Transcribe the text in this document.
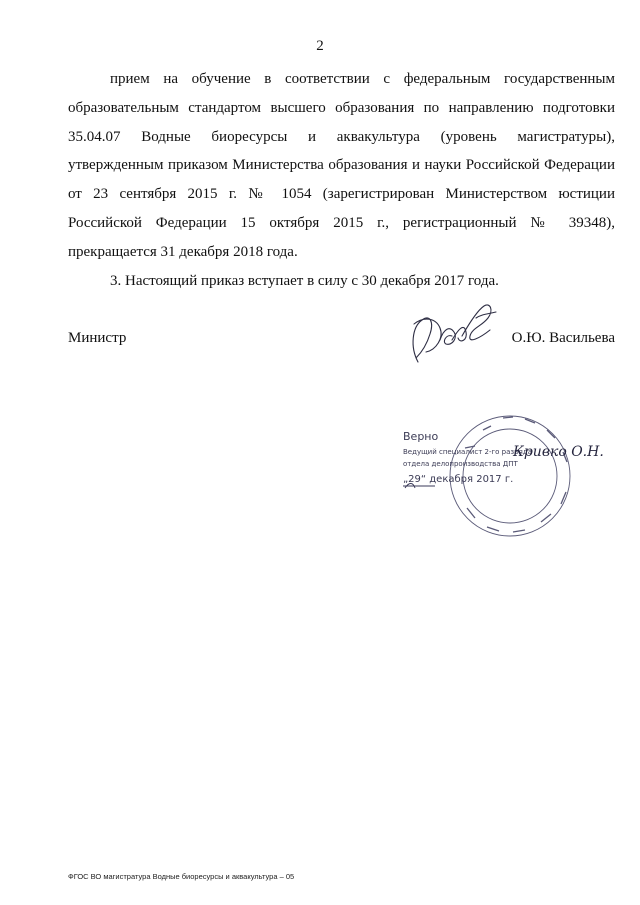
2
прием на обучение в соответствии с федеральным государственным
образовательным стандартом высшего образования по направлению подготовки
35.04.07 Водные биоресурсы и аквакультура (уровень магистратуры),
утвержденным приказом Министерства образования и науки Российской Федерации
от 23 сентября 2015 г. № 1054 (зарегистрирован Министерством юстиции
Российской Федерации 15 октября 2015 г., регистрационный № 39348),
прекращается 31 декабря 2018 года.
3. Настоящий приказ вступает в силу с 30 декабря 2017 года.
Министр	О.Ю. Васильева
Верно
Ведущий специалист 2-го разряда
отдела делопроизводства ДПТ
„29“ декабря 2017 г.
Кривко О.Н.
ФГОС ВО магистратура Водные биоресурсы и аквакультура – 05
